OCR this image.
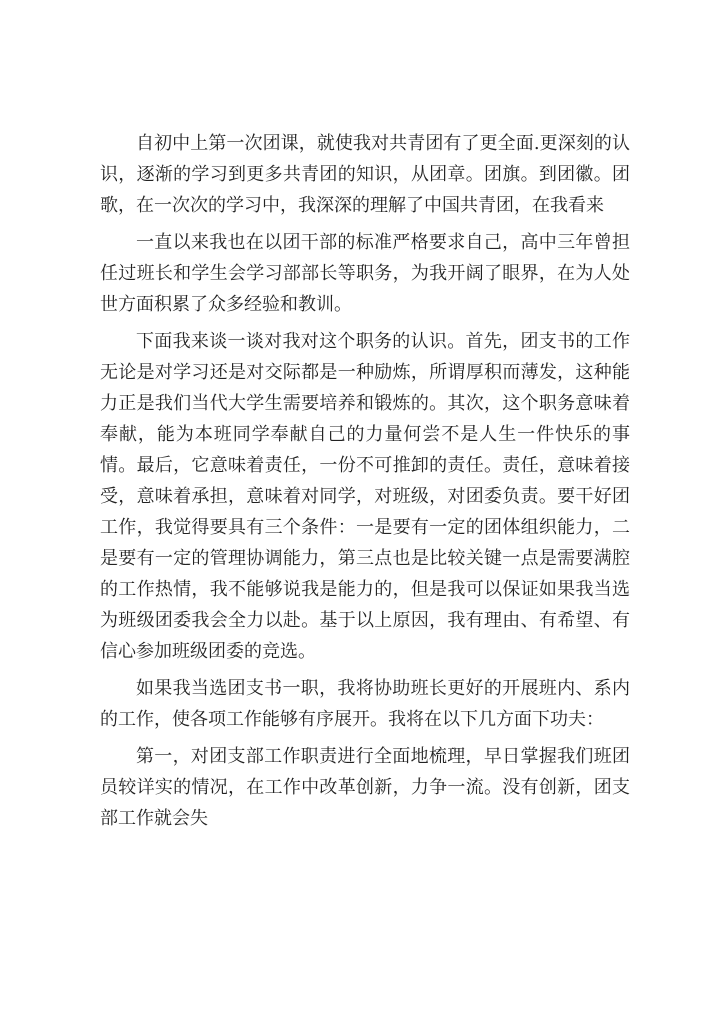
自初中上第一次团课，就使我对共青团有了更全面.更深刻的认识，逐渐的学习到更多共青团的知识，从团章。团旗。到团徽。团歌，在一次次的学习中，我深深的理解了中国共青团，在我看来

一直以来我也在以团干部的标准严格要求自己，高中三年曾担任过班长和学生会学习部部长等职务，为我开阔了眼界，在为人处世方面积累了众多经验和教训。

下面我来谈一谈对我对这个职务的认识。首先，团支书的工作无论是对学习还是对交际都是一种励炼，所谓厚积而薄发，这种能力正是我们当代大学生需要培养和锻炼的。其次，这个职务意味着奉献，能为本班同学奉献自己的力量何尝不是人生一件快乐的事情。最后，它意味着责任，一份不可推卸的责任。责任，意味着接受，意味着承担，意味着对同学，对班级，对团委负责。要干好团工作，我觉得要具有三个条件：一是要有一定的团体组织能力，二是要有一定的管理协调能力，第三点也是比较关键一点是需要满腔的工作热情，我不能够说我是能力的，但是我可以保证如果我当选为班级团委我会全力以赴。基于以上原因，我有理由、有希望、有信心参加班级团委的竞选。

如果我当选团支书一职，我将协助班长更好的开展班内、系内的工作，使各项工作能够有序展开。我将在以下几方面下功夫：

第一，对团支部工作职责进行全面地梳理，早日掌握我们班团员较详实的情况，在工作中改革创新，力争一流。没有创新，团支部工作就会失
